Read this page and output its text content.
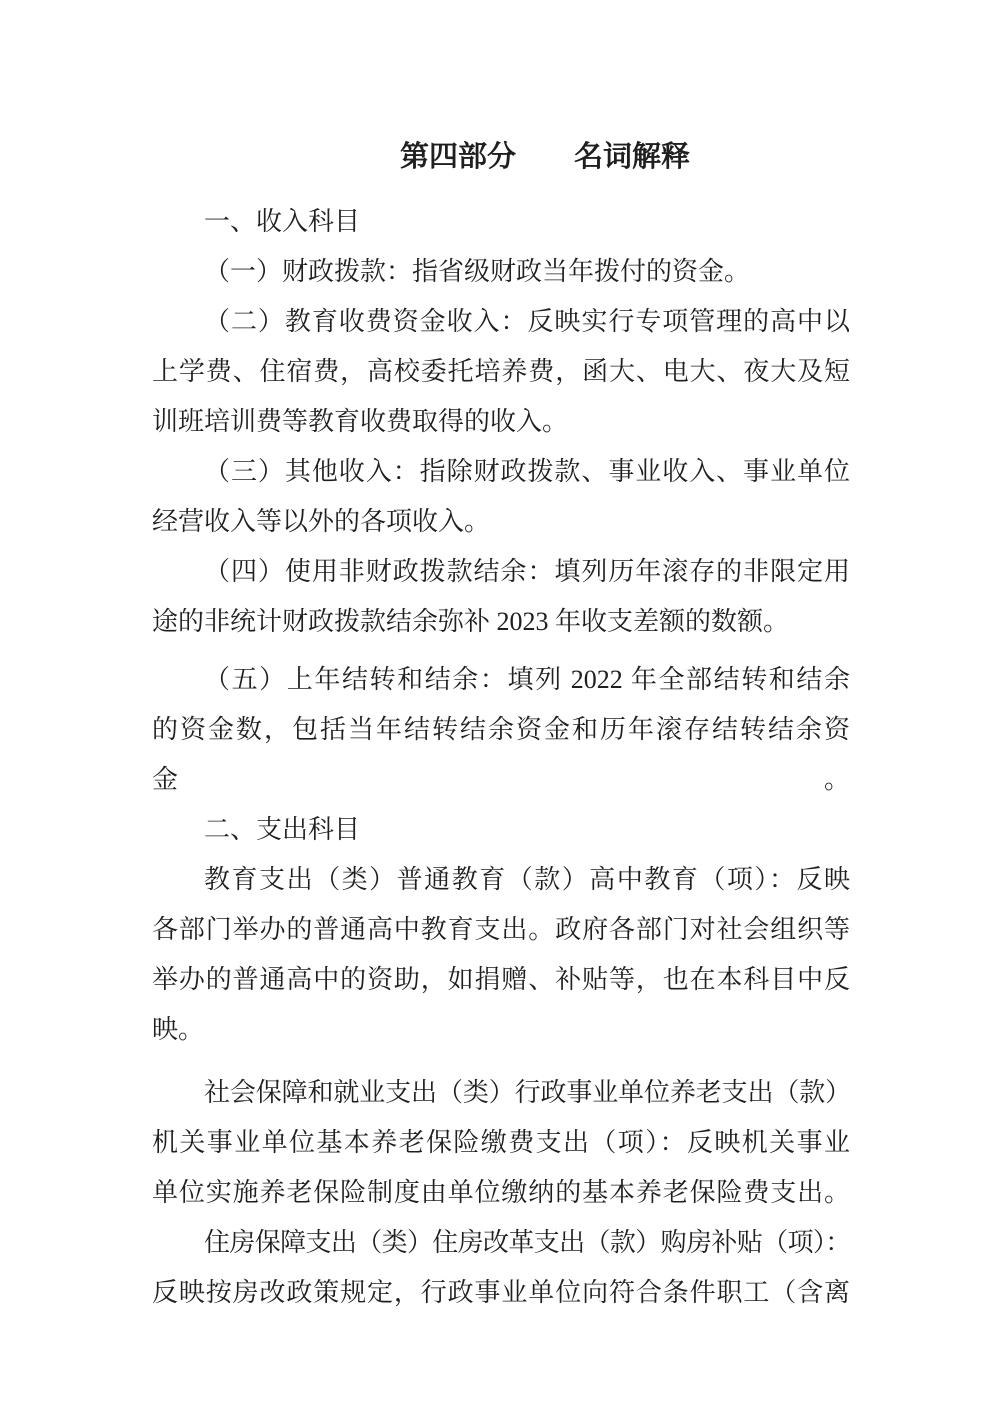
第四部分　　名词解释
一、收入科目
（一）财政拨款：指省级财政当年拨付的资金。
（二）教育收费资金收入：反映实行专项管理的高中以
上学费、住宿费，高校委托培养费，函大、电大、夜大及短
训班培训费等教育收费取得的收入。
（三）其他收入：指除财政拨款、事业收入、事业单位
经营收入等以外的各项收入。
（四）使用非财政拨款结余：填列历年滚存的非限定用
途的非统计财政拨款结余弥补 2023 年收支差额的数额。
（五）上年结转和结余：填列 2022 年全部结转和结余
的资金数，包括当年结转结余资金和历年滚存结转结余资金。
二、支出科目
教育支出（类）普通教育（款）高中教育（项）：反映
各部门举办的普通高中教育支出。政府各部门对社会组织等
举办的普通高中的资助，如捐赠、补贴等，也在本科目中反
映。
社会保障和就业支出（类）行政事业单位养老支出（款）
机关事业单位基本养老保险缴费支出（项）：反映机关事业
单位实施养老保险制度由单位缴纳的基本养老保险费支出。
住房保障支出（类）住房改革支出（款）购房补贴（项）：
反映按房改政策规定，行政事业单位向符合条件职工（含离
